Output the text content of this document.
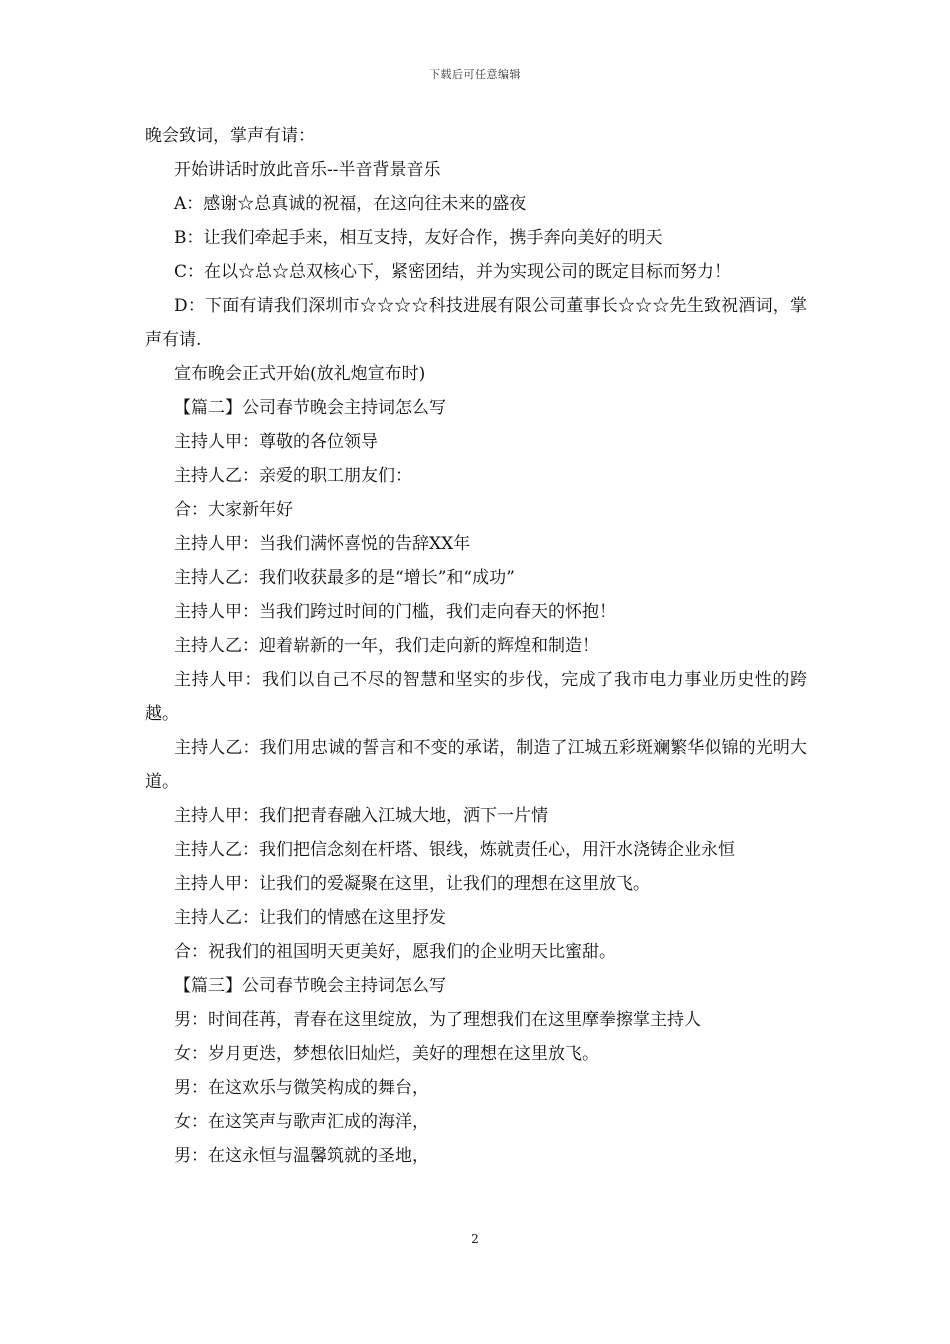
下载后可任意编辑

晚会致词，掌声有请：

开始讲话时放此音乐--半音背景音乐

A：感谢☆总真诚的祝福，在这向往未来的盛夜

B：让我们牵起手来，相互支持，友好合作，携手奔向美好的明天

C：在以☆总☆总双核心下，紧密团结，并为实现公司的既定目标而努力！

D：下面有请我们深圳市☆☆☆☆科技进展有限公司董事长☆☆☆先生致祝酒词，掌声有请.

宣布晚会正式开始(放礼炮宣布时)

【篇二】公司春节晚会主持词怎么写

主持人甲：尊敬的各位领导

主持人乙：亲爱的职工朋友们：

合：大家新年好

主持人甲：当我们满怀喜悦的告辞XX年

主持人乙：我们收获最多的是“增长”和“成功”

主持人甲：当我们跨过时间的门槛，我们走向春天的怀抱！

主持人乙：迎着崭新的一年，我们走向新的辉煌和制造！

主持人甲：我们以自己不尽的智慧和坚实的步伐，完成了我市电力事业历史性的跨越。

主持人乙：我们用忠诚的誓言和不变的承诺，制造了江城五彩斑斓繁华似锦的光明大道。

主持人甲：我们把青春融入江城大地，洒下一片情

主持人乙：我们把信念刻在杆塔、银线，炼就责任心，用汗水浇铸企业永恒

主持人甲：让我们的爱凝聚在这里，让我们的理想在这里放飞。

主持人乙：让我们的情感在这里抒发

合：祝我们的祖国明天更美好，愿我们的企业明天比蜜甜。

【篇三】公司春节晚会主持词怎么写

男：时间荏苒，青春在这里绽放，为了理想我们在这里摩拳擦掌主持人

女：岁月更迭，梦想依旧灿烂，美好的理想在这里放飞。

男：在这欢乐与微笑构成的舞台，

女：在这笑声与歌声汇成的海洋，

男：在这永恒与温馨筑就的圣地，

2
